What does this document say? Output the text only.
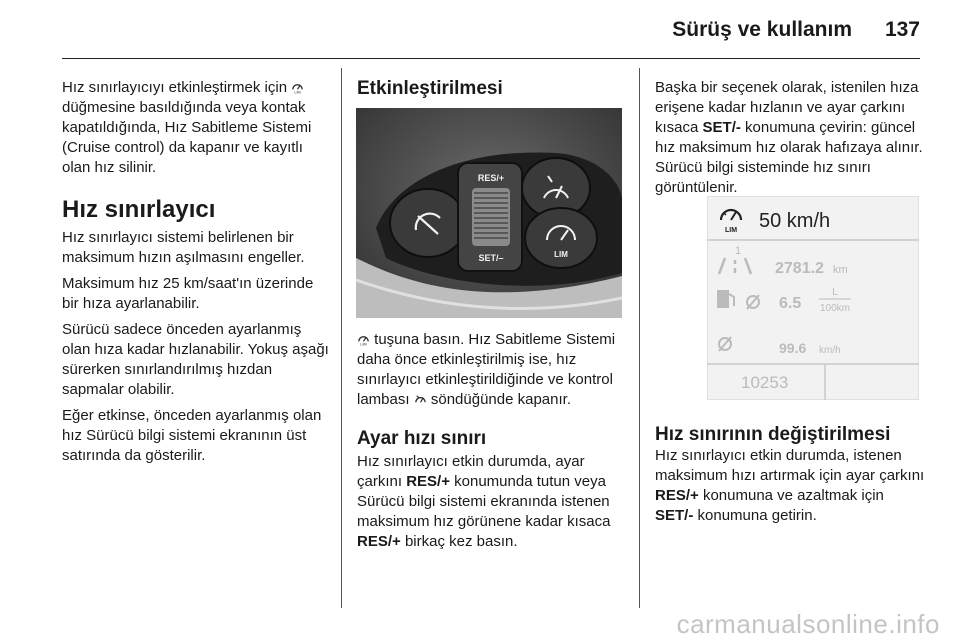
Sürüş ve kullanım 137

Hız sınırlayıcıyı etkinleştirmek için LIM
düğmesine basıldığında veya kontak kapatıldığında, Hız Sabitleme Sistemi (Cruise control) da kapanır ve kayıtlı olan hız silinir.

Hız sınırlayıcı

Hız sınırlayıcı sistemi belirlenen bir maksimum hızın aşılmasını engeller.

Maksimum hız 25 km/saat'ın üzerinde bir hıza ayarlanabilir.

Sürücü sadece önceden ayarlanmış olan hıza kadar hızlanabilir. Yokuş aşağı sürerken sınırlandırılmış hızdan sapmalar olabilir.

Eğer etkinse, önceden ayarlanmış olan hız Sürücü bilgi sistemi ekranının üst satırında da gösterilir.

Etkinleştirilmesi
RES/+
SET/–	LIM

LIM tuşuna basın. Hız Sabitleme Sistemi daha önce etkinleştirilmiş ise, hız sınırlayıcı etkinleştirildiğinde ve kontrol lambası söndüğünde kapanır.

Ayar hızı sınırı

Hız sınırlayıcı etkin durumda, ayar çarkını RES/+ konumunda tutun veya Sürücü bilgi sistemi ekranında istenen maksimum hız görünene kadar kısaca RES/+ birkaç kez basın.

Başka bir seçenek olarak, istenilen hıza erişene kadar hızlanın ve ayar çarkını kısaca SET/- konumuna çevirin: güncel hız maksimum hız olarak hafızaya alınır. Sürücü bilgi sisteminde hız sınırı görüntülenir.

LIM 50 km/h
1
2781.2 km
6.5
L
100km
99.6 km/h
10253
Hız sınırının değiştirilmesi

Hız sınırlayıcı etkin durumda, istenen maksimum hızı artırmak için ayar çarkını RES/+ konumuna ve azaltmak için SET/- konumuna getirin.

carmanualsonline.info
